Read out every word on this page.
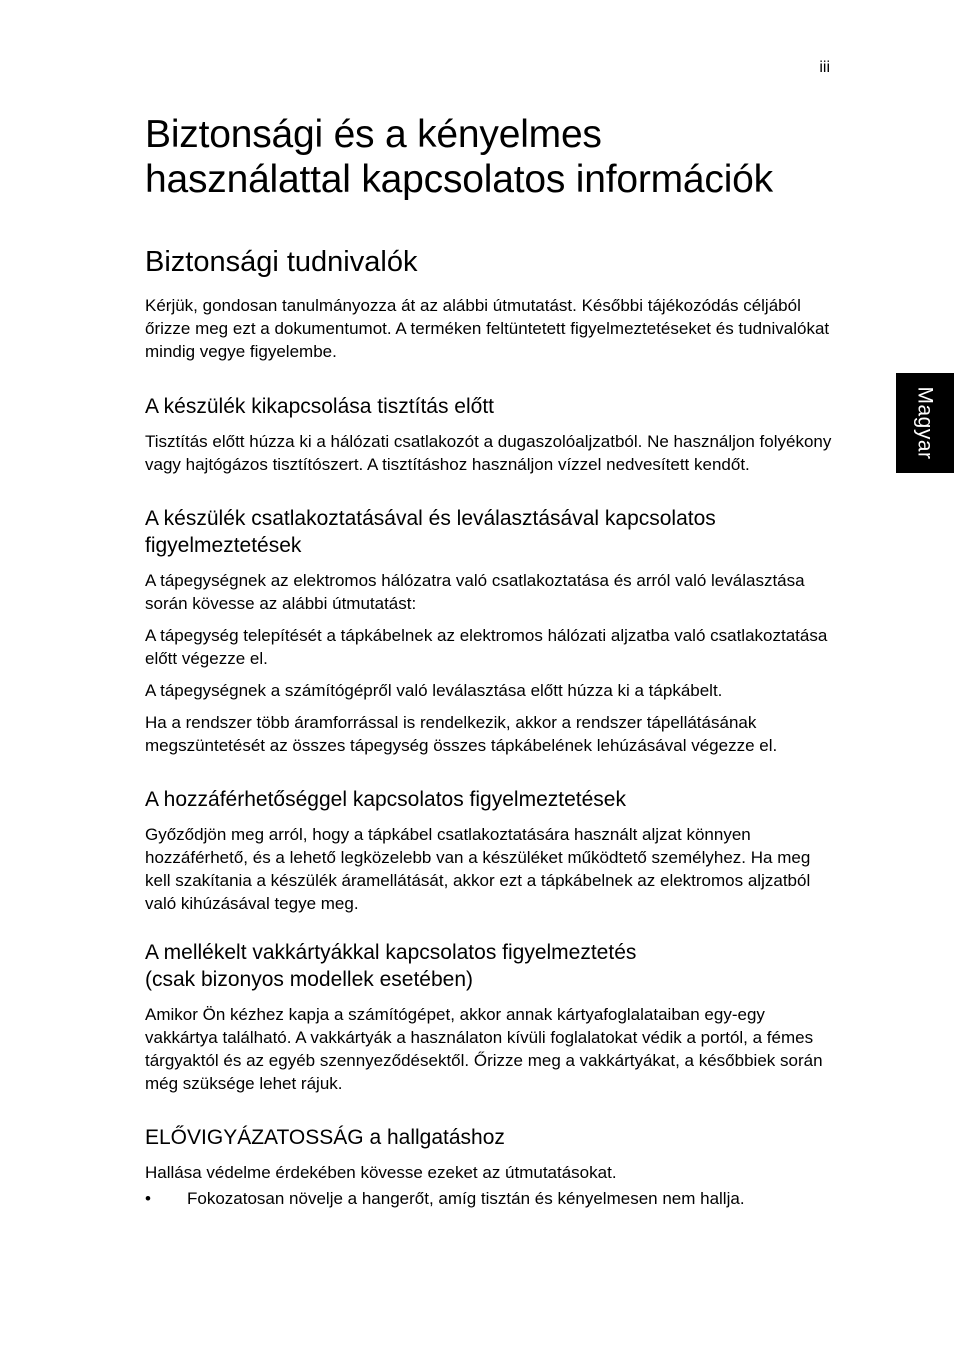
iii
Magyar
Biztonsági és a kényelmes
használattal kapcsolatos információk
Biztonsági tudnivalók

Kérjük, gondosan tanulmányozza át az alábbi útmutatást. Későbbi tájékozódás céljából őrizze meg ezt a dokumentumot. A terméken feltüntetett figyelmeztetéseket és tudnivalókat mindig vegye figyelembe.

A készülék kikapcsolása tisztítás előtt

Tisztítás előtt húzza ki a hálózati csatlakozót a dugaszolóaljzatból. Ne használjon folyékony vagy hajtógázos tisztítószert. A tisztításhoz használjon vízzel nedvesített kendőt.

A készülék csatlakoztatásával és leválasztásával kapcsolatos
figyelmeztetések

A tápegységnek az elektromos hálózatra való csatlakoztatása és arról való leválasztása során kövesse az alábbi útmutatást:

A tápegység telepítését a tápkábelnek az elektromos hálózati aljzatba való csatlakoztatása előtt végezze el.

A tápegységnek a számítógépről való leválasztása előtt húzza ki a tápkábelt.

Ha a rendszer több áramforrással is rendelkezik, akkor a rendszer tápellátásának megszüntetését az összes tápegység összes tápkábelének lehúzásával végezze el.

A hozzáférhetőséggel kapcsolatos figyelmeztetések

Győződjön meg arról, hogy a tápkábel csatlakoztatására használt aljzat könnyen hozzáférhető, és a lehető legközelebb van a készüléket működtető személyhez. Ha meg kell szakítania a készülék áramellátását, akkor ezt a tápkábelnek az elektromos aljzatból való kihúzásával tegye meg.

A mellékelt vakkártyákkal kapcsolatos figyelmeztetés
(csak bizonyos modellek esetében)

Amikor Ön kézhez kapja a számítógépet, akkor annak kártyafoglalataiban egy-egy vakkártya található. A vakkártyák a használaton kívüli foglalatokat védik a portól, a fémes tárgyaktól és az egyéb szennyeződésektől. Őrizze meg a vakkártyákat, a későbbiek során még szüksége lehet rájuk.

ELŐVIGYÁZATOSSÁG a hallgatáshoz

Hallása védelme érdekében kövesse ezeket az útmutatásokat.

• Fokozatosan növelje a hangerőt, amíg tisztán és kényelmesen nem hallja.
